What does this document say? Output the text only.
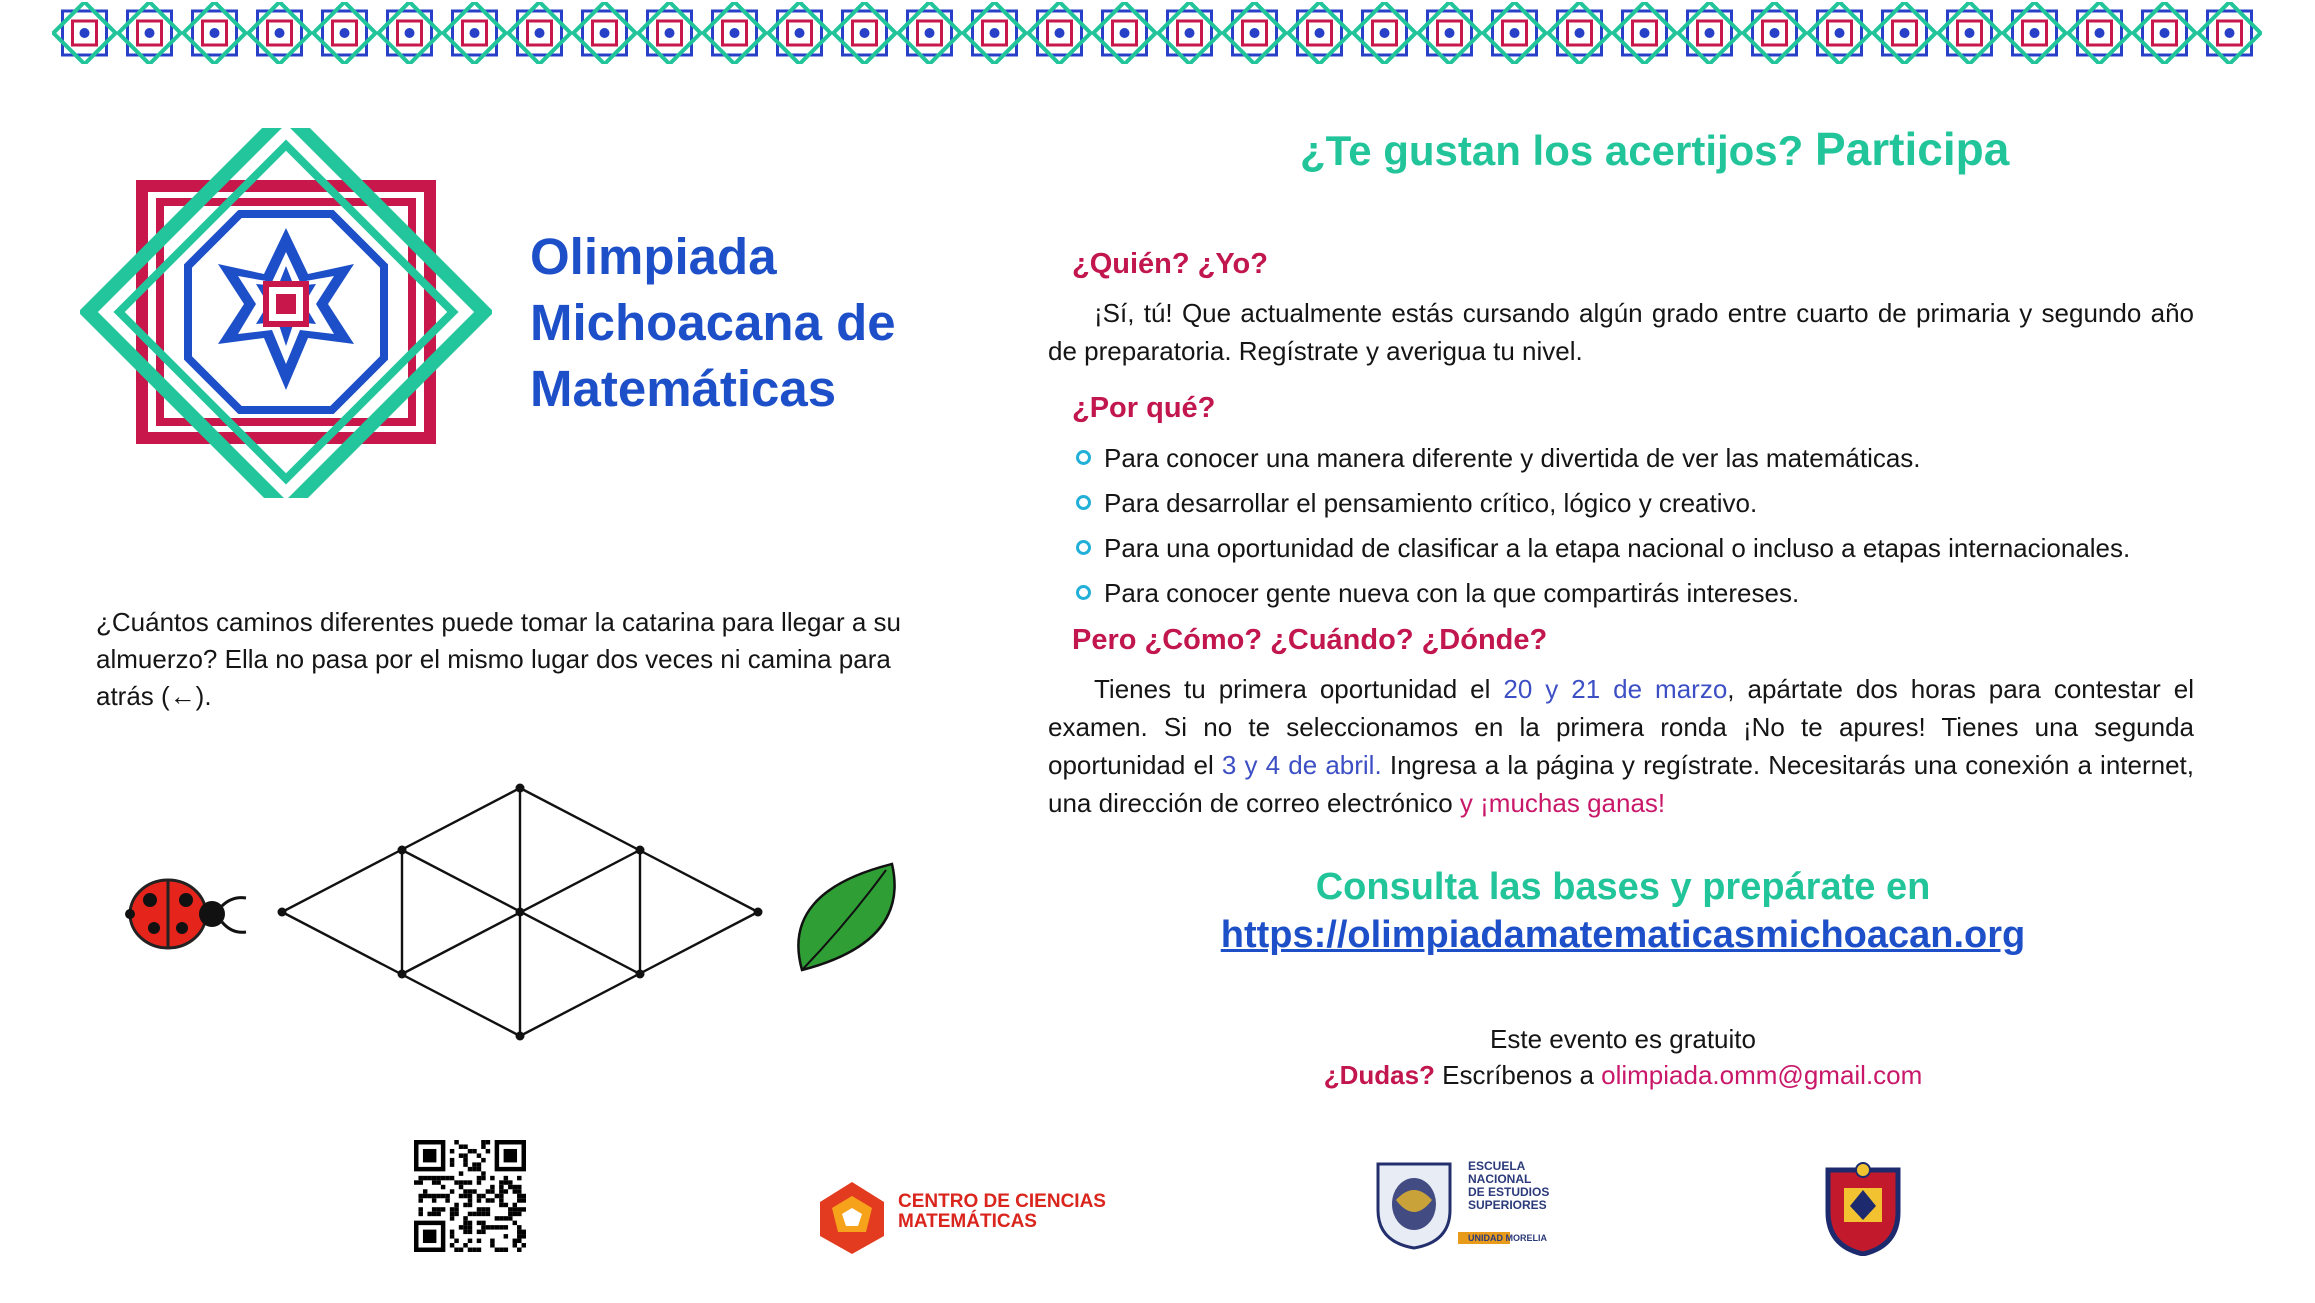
Olimpiada
Michoacana de
Matemáticas
¿Te gustan los acertijos? Participa
¿Quién? ¿Yo?
¡Sí, tú! Que actualmente estás cursando algún grado entre cuarto de primaria y segundo año de preparatoria. Regístrate y averigua tu nivel.
¿Por qué?
Para conocer una manera diferente y divertida de ver las matemáticas.
Para desarrollar el pensamiento crítico, lógico y creativo.
Para una oportunidad de clasificar a la etapa nacional o incluso a etapas internacionales.
Para conocer gente nueva con la que compartirás intereses.
Pero ¿Cómo? ¿Cuándo? ¿Dónde?
Tienes tu primera oportunidad el 20 y 21 de marzo, apártate dos horas para contestar el examen. Si no te seleccionamos en la primera ronda ¡No te apures! Tienes una segunda oportunidad el 3 y 4 de abril. Ingresa a la página y regístrate. Necesitarás una conexión a internet, una dirección de correo electrónico y ¡muchas ganas!
Consulta las bases y prepárate en
https://olimpiadamatematicasmichoacan.org
Este evento es gratuito
¿Dudas? Escríbenos a olimpiada.omm@gmail.com
¿Cuántos caminos diferentes puede tomar la catarina para llegar a su almuerzo? Ella no pasa por el mismo lugar dos veces ni camina para atrás (←).
CENTRO DE CIENCIAS
MATEMÁTICAS
ESCUELA
NACIONAL
DE ESTUDIOS
SUPERIORES
UNIDAD MORELIA
